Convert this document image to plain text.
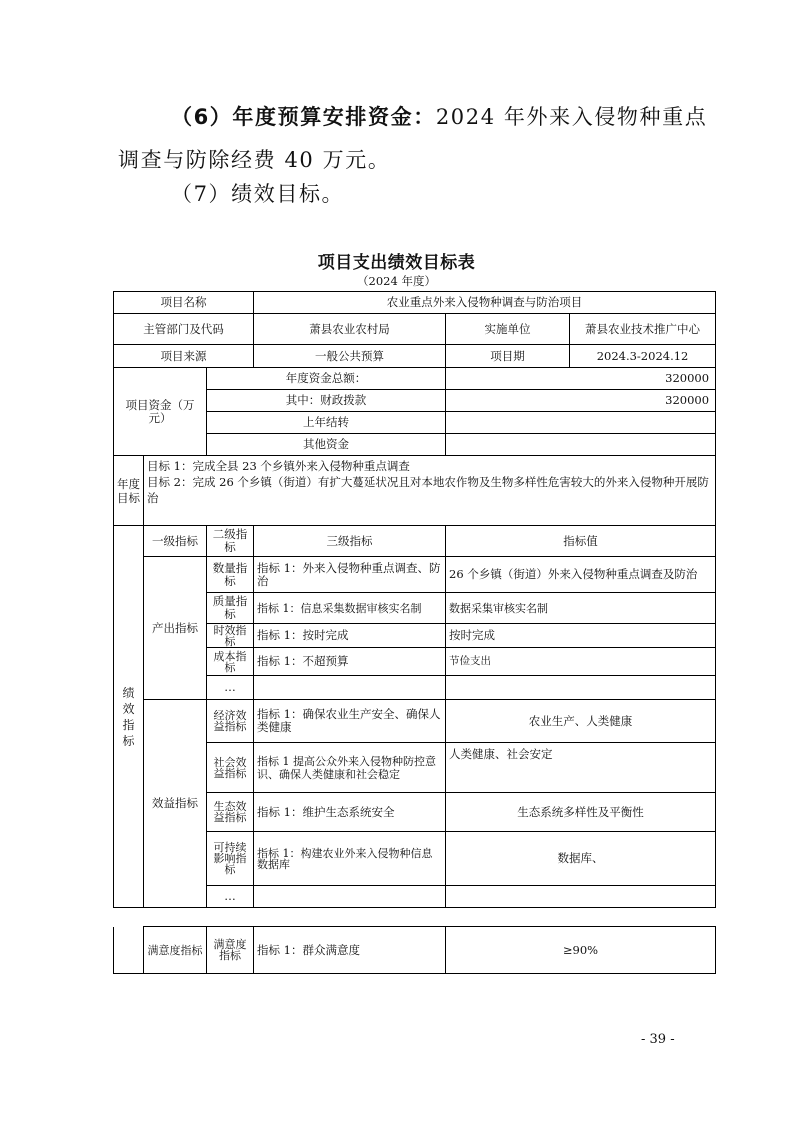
（6）年度预算安排资金：2024 年外来入侵物种重点
调查与防除经费 40 万元。
（7）绩效目标。
项目支出绩效目标表
（2024 年度）
项目名称			农业重点外来入侵物种调查与防治项目		
主管部门及代码			萧县农业农村局	实施单位	萧县农业技术推广中心
项目来源			一般公共预算	项目期	2024.3-2024.12
项目资金（万元）		年度资金总额：		320000	
		其中：财政拨款		320000	
		上年结转			
		其他资金			
年度目标	目标 1：完成全县 23 个乡镇外来入侵物种重点调查
目标 2：完成 26 个乡镇（街道）有扩大蔓延状况且对本地农作物及生物多样性危害较大的外来入侵物种开展防治				

绩
效
指
标	一级指标	二级指标	三级指标	指标值	
	产出指标	数量指标	指标 1：外来入侵物种重点调查、防治	26 个乡镇（街道）外来入侵物种重点调查及防治	
		质量指标	指标 1：信息采集数据审核实名制	数据采集审核实名制	
		时效指标	指标 1：按时完成	按时完成	
		成本指标	指标 1：不超预算	节俭支出	
		…			
	效益指标	经济效益指标	指标 1：确保农业生产安全、确保人类健康	农业生产、人类健康	
		社会效益指标	指标 1 提高公众外来入侵物种防控意识、确保人类健康和社会稳定	人类健康、社会安定	
		生态效益指标	指标 1：维护生态系统安全	生态系统多样性及平衡性	
		可持续影响指标	指标 1：构建农业外来入侵物种信息数据库	数据库、	
		…			
	满意度指标	满意度指标	指标 1：群众满意度	≥90%
- 39 -
